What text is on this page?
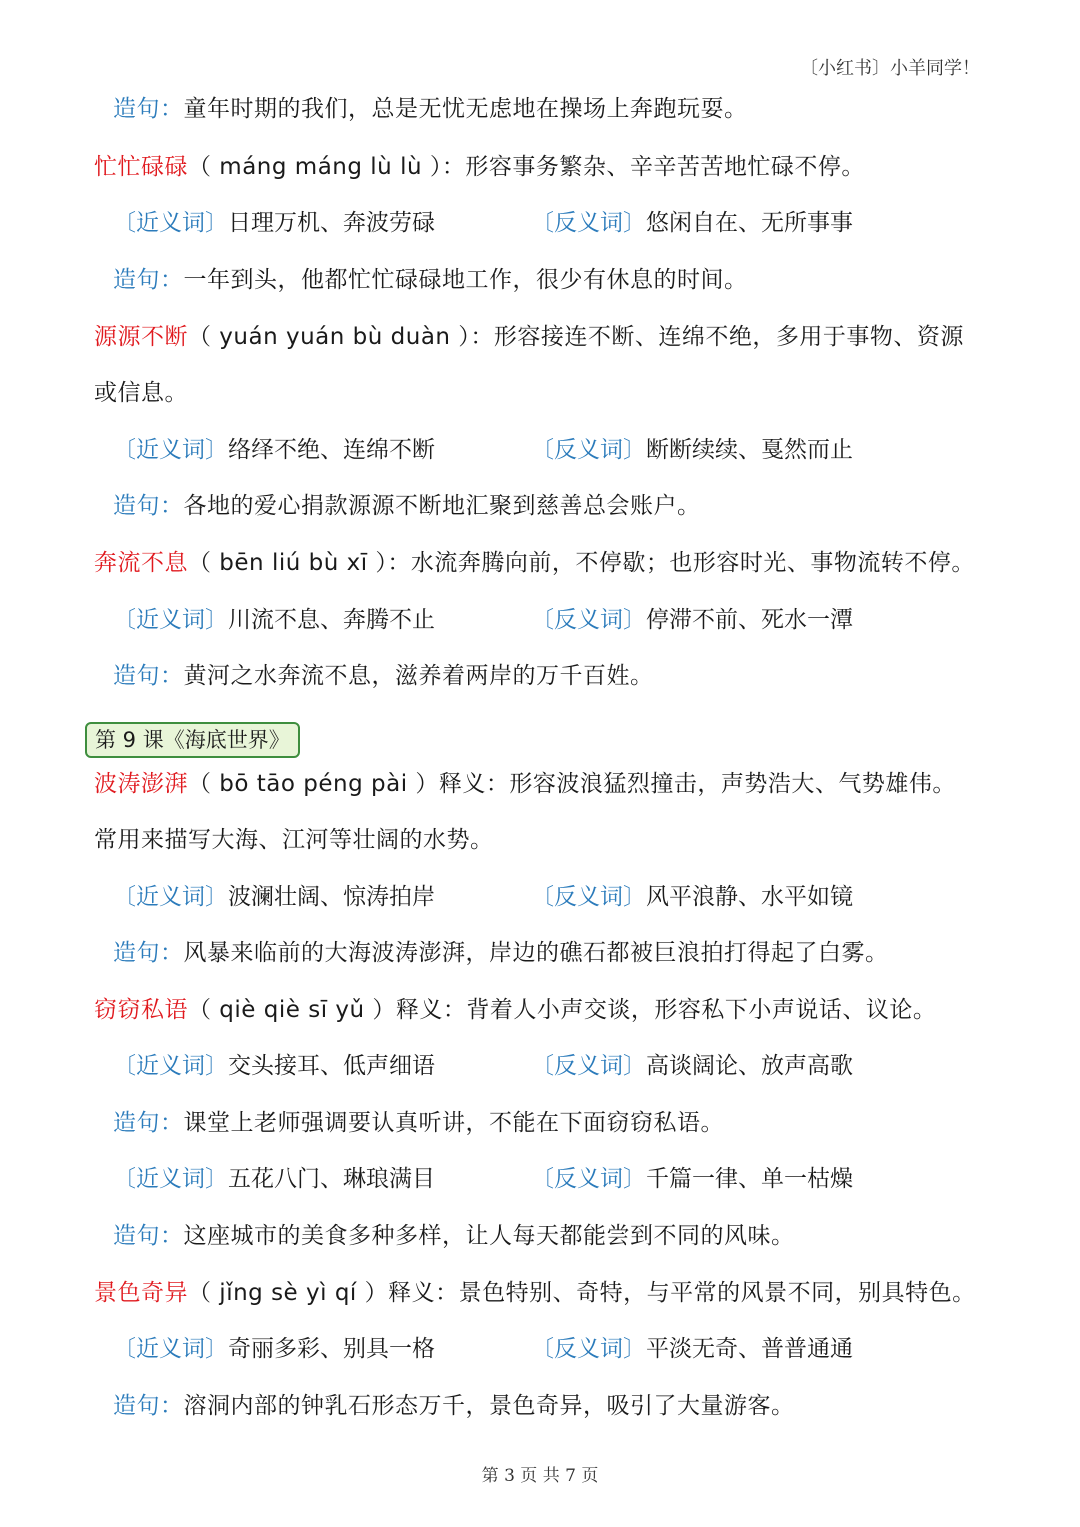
〔小红书〕小羊同学！
造句：童年时期的我们，总是无忧无虑地在操场上奔跑玩耍。
忙忙碌碌（ máng máng lù lù ）：形容事务繁杂、辛辛苦苦地忙碌不停。
〔近义词〕日理万机、奔波劳碌	〔反义词〕悠闲自在、无所事事
造句：一年到头，他都忙忙碌碌地工作，很少有休息的时间。
源源不断（ yuán yuán bù duàn ）：形容接连不断、连绵不绝，多用于事物、资源
或信息。
〔近义词〕络绎不绝、连绵不断	〔反义词〕断断续续、戛然而止
造句：各地的爱心捐款源源不断地汇聚到慈善总会账户。
奔流不息（ bēn liú bù xī ）：水流奔腾向前，不停歇；也形容时光、事物流转不停。
〔近义词〕川流不息、奔腾不止	〔反义词〕停滞不前、死水一潭
造句：黄河之水奔流不息，滋养着两岸的万千百姓。
第 9 课《海底世界》
波涛澎湃（ bō tāo péng pài ）释义：形容波浪猛烈撞击，声势浩大、气势雄伟。
常用来描写大海、江河等壮阔的水势。
〔近义词〕波澜壮阔、惊涛拍岸	〔反义词〕风平浪静、水平如镜
造句：风暴来临前的大海波涛澎湃，岸边的礁石都被巨浪拍打得起了白雾。
窃窃私语（ qiè qiè sī yǔ ）释义：背着人小声交谈，形容私下小声说话、议论。
〔近义词〕交头接耳、低声细语	〔反义词〕高谈阔论、放声高歌
造句：课堂上老师强调要认真听讲，不能在下面窃窃私语。
〔近义词〕五花八门、琳琅满目	〔反义词〕千篇一律、单一枯燥
造句：这座城市的美食多种多样，让人每天都能尝到不同的风味。
景色奇异（ jǐng sè yì qí ）释义：景色特别、奇特，与平常的风景不同，别具特色。
〔近义词〕奇丽多彩、别具一格	〔反义词〕平淡无奇、普普通通
造句：溶洞内部的钟乳石形态万千，景色奇异，吸引了大量游客。
第 3 页 共 7 页
